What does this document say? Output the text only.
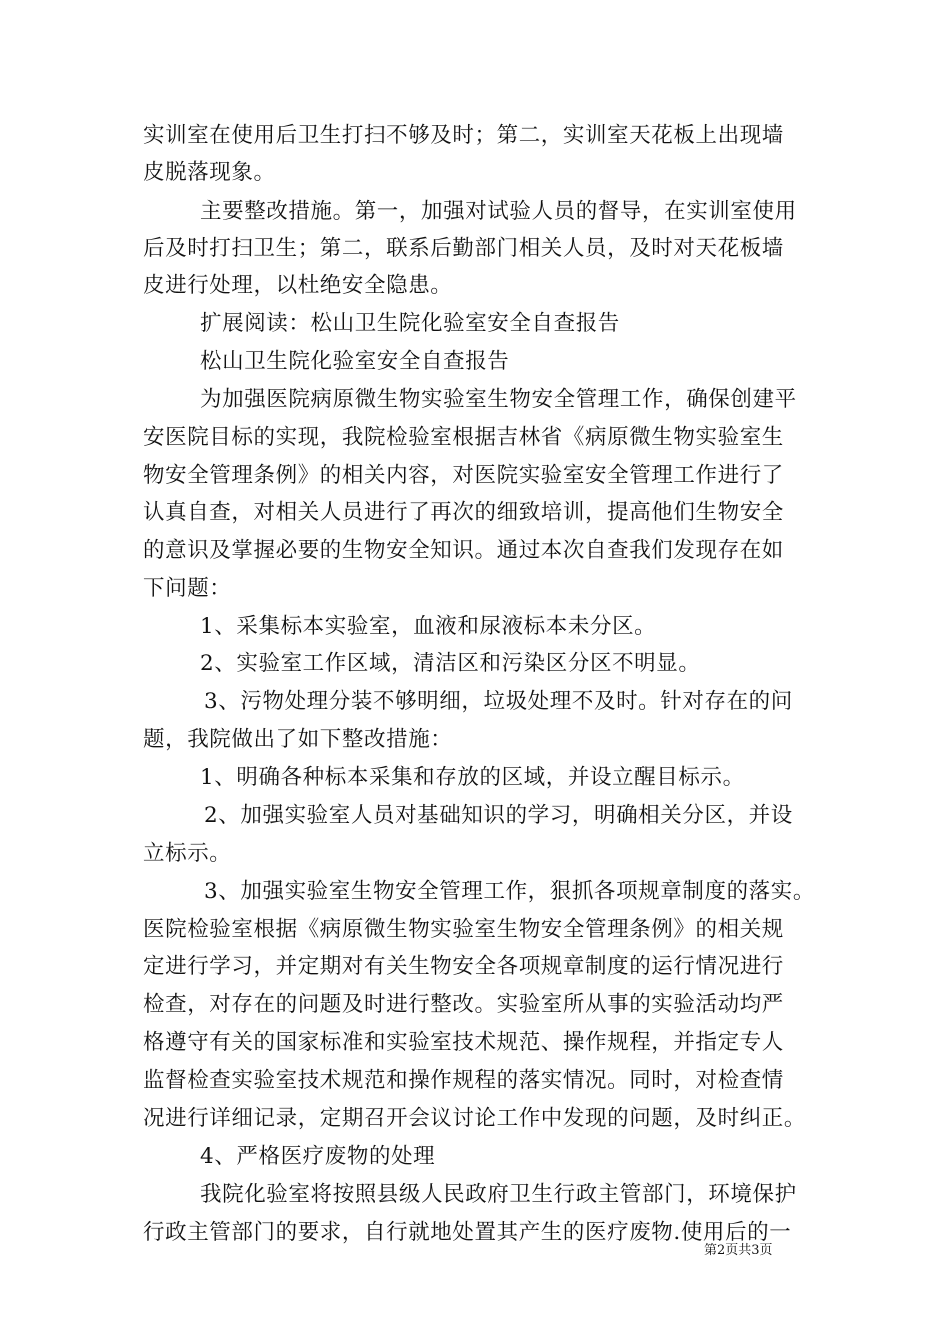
实训室在使用后卫生打扫不够及时；第二，实训室天花板上出现墙
皮脱落现象。
主要整改措施。第一，加强对试验人员的督导，在实训室使用
后及时打扫卫生；第二，联系后勤部门相关人员，及时对天花板墙
皮进行处理，以杜绝安全隐患。
扩展阅读：松山卫生院化验室安全自查报告
松山卫生院化验室安全自查报告
为加强医院病原微生物实验室生物安全管理工作，确保创建平
安医院目标的实现，我院检验室根据吉林省《病原微生物实验室生
物安全管理条例》的相关内容，对医院实验室安全管理工作进行了
认真自查，对相关人员进行了再次的细致培训，提高他们生物安全
的意识及掌握必要的生物安全知识。通过本次自查我们发现存在如
下问题：
1、采集标本实验室，血液和尿液标本未分区。
2、实验室工作区域，清洁区和污染区分区不明显。
3、污物处理分装不够明细，垃圾处理不及时。针对存在的问
题，我院做出了如下整改措施：
1、明确各种标本采集和存放的区域，并设立醒目标示。
2、加强实验室人员对基础知识的学习，明确相关分区，并设
立标示。
3、加强实验室生物安全管理工作，狠抓各项规章制度的落实。
医院检验室根据《病原微生物实验室生物安全管理条例》的相关规
定进行学习，并定期对有关生物安全各项规章制度的运行情况进行
检查，对存在的问题及时进行整改。实验室所从事的实验活动均严
格遵守有关的国家标准和实验室技术规范、操作规程，并指定专人
监督检查实验室技术规范和操作规程的落实情况。同时，对检查情
况进行详细记录，定期召开会议讨论工作中发现的问题，及时纠正。
4、严格医疗废物的处理
我院化验室将按照县级人民政府卫生行政主管部门，环境保护
行政主管部门的要求，自行就地处置其产生的医疗废物.使用后的一
第2页共3页
